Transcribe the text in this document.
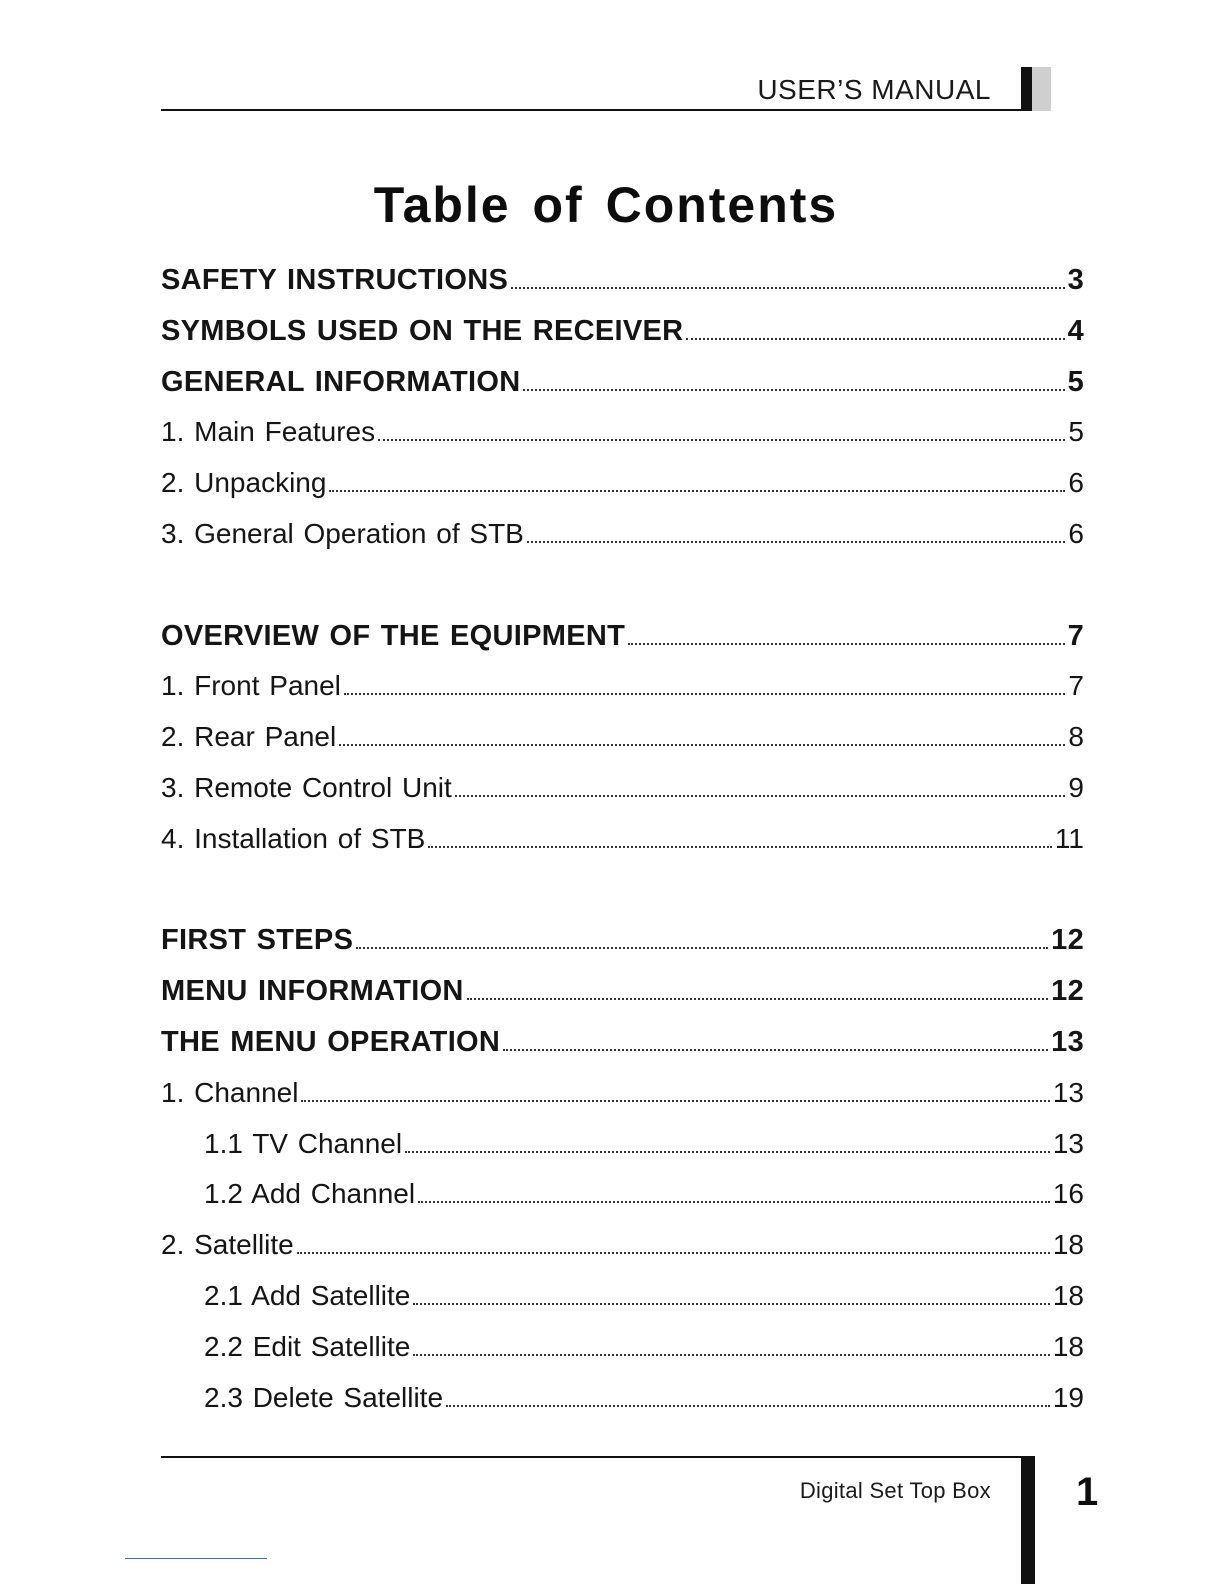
USER’S MANUAL
Table of Contents
SAFETY INSTRUCTIONS	3
SYMBOLS USED ON THE RECEIVER	4
GENERAL INFORMATION	5
1. Main Features	5
2. Unpacking	6
3. General Operation of STB	6
OVERVIEW OF THE EQUIPMENT	7
1. Front Panel	7
2. Rear Panel	8
3. Remote Control Unit	9
4. Installation of STB	11
FIRST STEPS	12
MENU INFORMATION	12
THE MENU OPERATION	13
1. Channel	13
1.1 TV Channel	13
1.2 Add Channel	16
2. Satellite	18
2.1 Add Satellite	18
2.2 Edit Satellite	18
2.3 Delete Satellite	19
Digital Set Top Box 1
